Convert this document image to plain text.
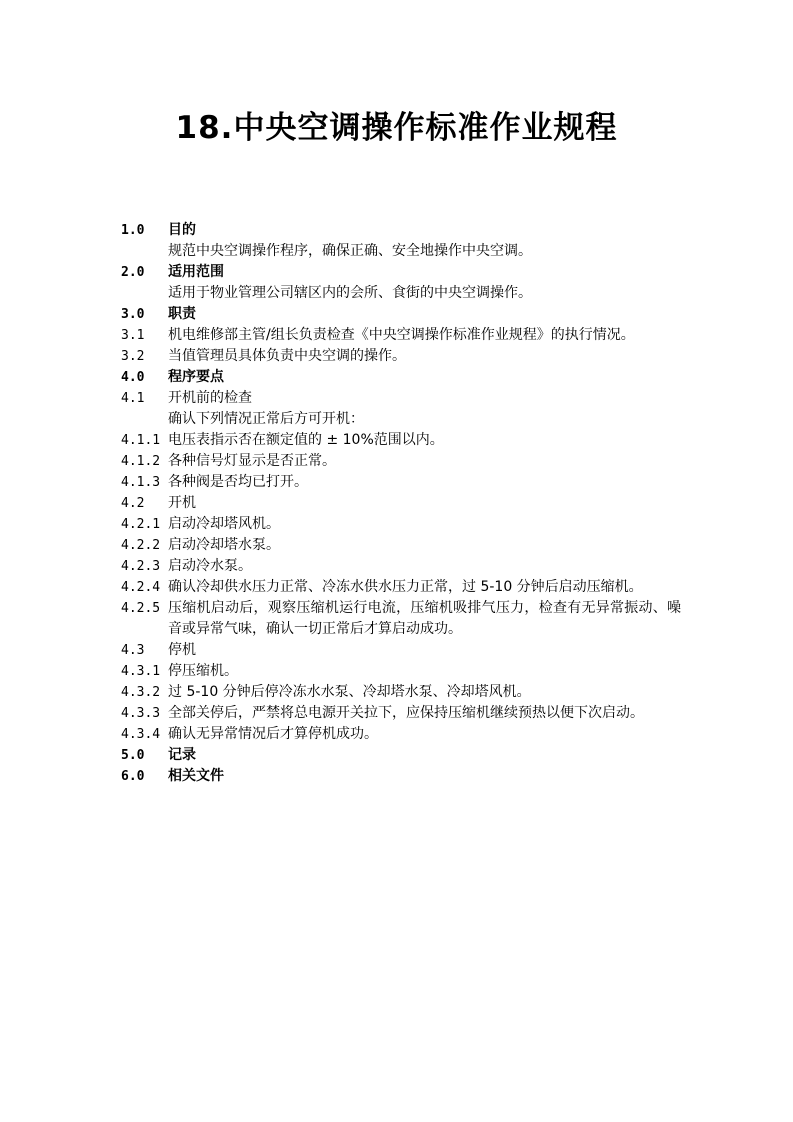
18.中央空调操作标准作业规程
1.0	目的
规范中央空调操作程序，确保正确、安全地操作中央空调。
2.0	适用范围
适用于物业管理公司辖区内的会所、食街的中央空调操作。
3.0	职责
3.1	机电维修部主管/组长负责检查《中央空调操作标准作业规程》的执行情况。
3.2	当值管理员具体负责中央空调的操作。
4.0	程序要点
4.1	开机前的检查
确认下列情况正常后方可开机：
4.1.1 电压表指示否在额定值的 ± 10%范围以内。
4.1.2 各种信号灯显示是否正常。
4.1.3 各种阀是否均已打开。
4.2	开机
4.2.1 启动冷却塔风机。
4.2.2 启动冷却塔水泵。
4.2.3 启动冷水泵。
4.2.4 确认冷却供水压力正常、冷冻水供水压力正常，过 5-10 分钟后启动压缩机。
4.2.5 压缩机启动后，观察压缩机运行电流，压缩机吸排气压力，检查有无异常振动、噪音或异常气味，确认一切正常后才算启动成功。
4.3	停机
4.3.1 停压缩机。
4.3.2 过 5-10 分钟后停冷冻水水泵、冷却塔水泵、冷却塔风机。
4.3.3 全部关停后，严禁将总电源开关拉下，应保持压缩机继续预热以便下次启动。
4.3.4 确认无异常情况后才算停机成功。
5.0	记录
6.0	相关文件
